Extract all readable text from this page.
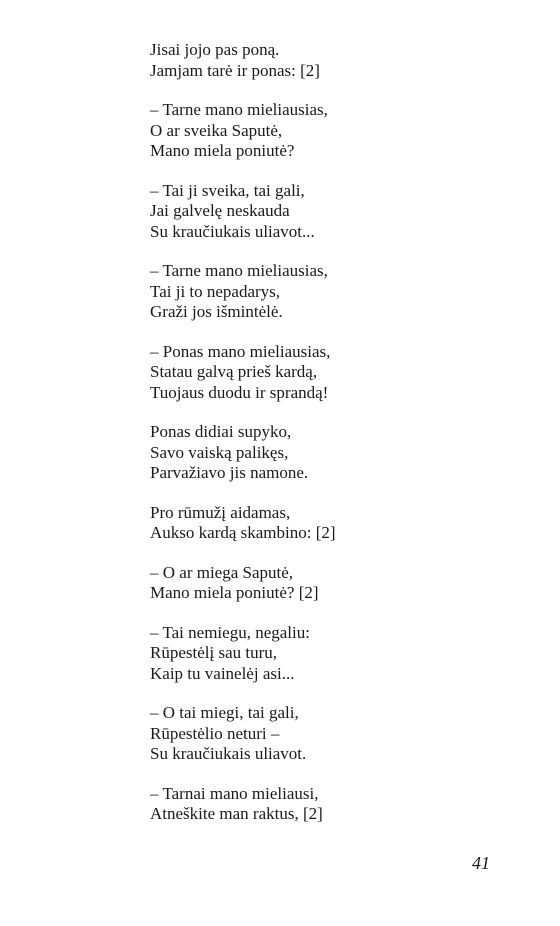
Jisai jojo pas poną.
Jamjam tarė ir ponas: [2]
– Tarne mano mieliausias,
O ar sveika Saputė,
Mano miela poniutė?
– Tai ji sveika, tai gali,
Jai galvelę neskauda
Su kraučiukais uliavot...
– Tarne mano mieliausias,
Tai ji to nepadarys,
Graži jos išmintėlė.
– Ponas mano mieliausias,
Statau galvą prieš kardą,
Tuojaus duodu ir sprandą!
Ponas didiai supyko,
Savo vaiską palikęs,
Parvažiavo jis namone.
Pro rūmužį aidamas,
Aukso kardą skambino: [2]
– O ar miega Saputė,
Mano miela poniutė? [2]
– Tai nemiegu, negaliu:
Rūpestėlį sau turu,
Kaip tu vainelėj asi...
– O tai miegi, tai gali,
Rūpestėlio neturi –
Su kraučiukais uliavot.
– Tarnai mano mieliausi,
Atneškite man raktus, [2]
41
